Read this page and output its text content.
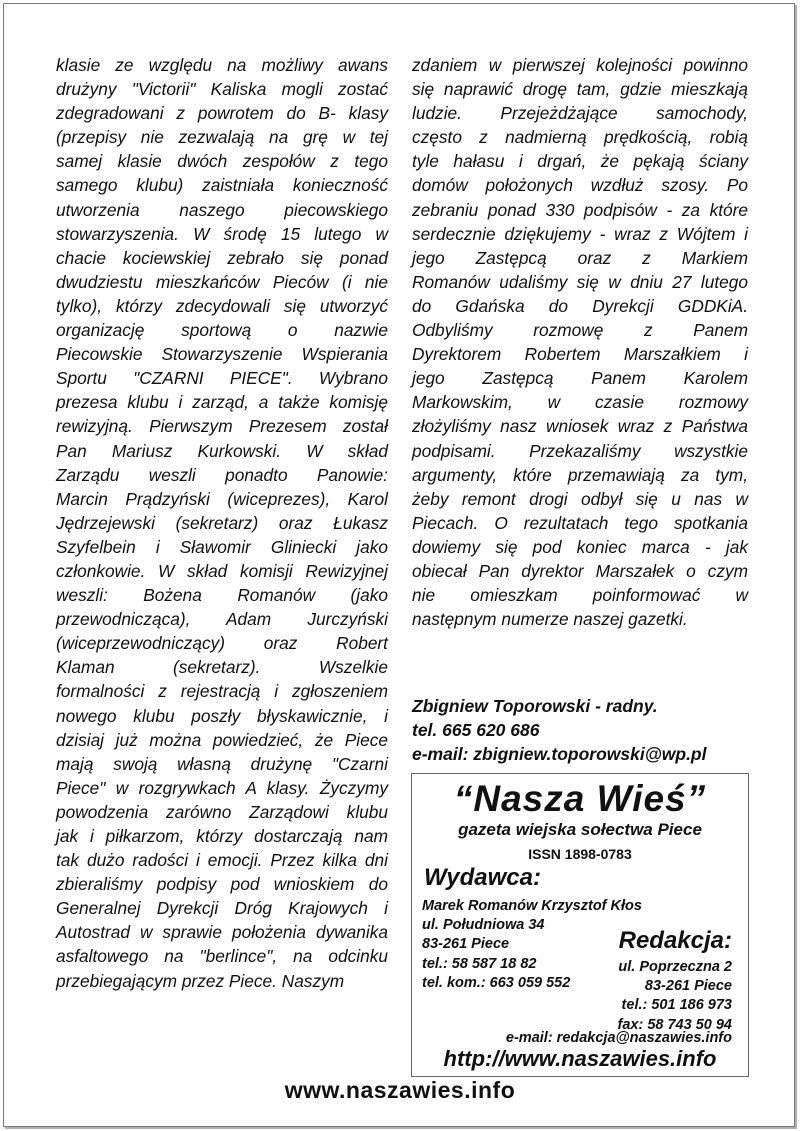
klasie ze względu na możliwy awans
drużyny "Victorii" Kaliska mogli zostać
zdegradowani z powrotem do B- klasy
(przepisy nie zezwalają na grę w tej
samej klasie dwóch zespołów z tego
samego klubu) zaistniała konieczność
utworzenia naszego piecowskiego
stowarzyszenia. W środę 15 lutego w
chacie kociewskiej zebrało się ponad
dwudziestu mieszkańców Pieców (i nie
tylko), którzy zdecydowali się utworzyć
organizację sportową o nazwie
Piecowskie Stowarzyszenie Wspierania
Sportu "CZARNI PIECE". Wybrano
prezesa klubu i zarząd, a także komisję
rewizyjną. Pierwszym Prezesem został
Pan Mariusz Kurkowski. W skład
Zarządu weszli ponadto Panowie:
Marcin Prądzyński (wiceprezes), Karol
Jędrzejewski (sekretarz) oraz Łukasz
Szyfelbein i Sławomir Gliniecki jako
członkowie. W skład komisji Rewizyjnej
weszli: Bożena Romanów (jako
przewodnicząca), Adam Jurczyński
(wiceprzewodniczący) oraz Robert
Klaman (sekretarz). Wszelkie
formalności z rejestracją i zgłoszeniem
nowego klubu poszły błyskawicznie, i
dzisiaj już można powiedzieć, że Piece
mają swoją własną drużynę "Czarni
Piece" w rozgrywkach A klasy. Życzymy
powodzenia zarówno Zarządowi klubu
jak i piłkarzom, którzy dostarczają nam
tak dużo radości i emocji. Przez kilka dni
zbieraliśmy podpisy pod wnioskiem do
Generalnej Dyrekcji Dróg Krajowych i
Autostrad w sprawie położenia dywanika
asfaltowego na "berlince", na odcinku
przebiegającym przez Piece. Naszym
zdaniem w pierwszej kolejności powinno
się naprawić drogę tam, gdzie mieszkają
ludzie. Przejeżdżające samochody,
często z nadmierną prędkością, robią
tyle hałasu i drgań, że pękają ściany
domów położonych wzdłuż szosy. Po
zebraniu ponad 330 podpisów - za które
serdecznie dziękujemy - wraz z Wójtem i
jego Zastępcą oraz z Markiem
Romanów udaliśmy się w dniu 27 lutego
do Gdańska do Dyrekcji GDDKiA.
Odbyliśmy rozmowę z Panem
Dyrektorem Robertem Marszałkiem i
jego Zastępcą Panem Karolem
Markowskim, w czasie rozmowy
złożyliśmy nasz wniosek wraz z Państwa
podpisami. Przekazaliśmy wszystkie
argumenty, które przemawiają za tym,
żeby remont drogi odbył się u nas w
Piecach. O rezultatach tego spotkania
dowiemy się pod koniec marca - jak
obiecał Pan dyrektor Marszałek o czym
nie omieszkam poinformować w
następnym numerze naszej gazetki.
Zbigniew Toporowski - radny.
tel. 665 620 686
e-mail: zbigniew.toporowski@wp.pl
“Nasza Wieś”
gazeta wiejska sołectwa Piece
ISSN 1898-0783
Wydawca:
Marek Romanów Krzysztof Kłos
ul. Południowa 34
83-261 Piece
tel.: 58 587 18 82
tel. kom.: 663 059 552
Redakcja:
ul. Poprzeczna 2
83-261 Piece
tel.: 501 186 973
fax: 58 743 50 94
e-mail: redakcja@naszawies.info
http://www.naszawies.info
www.naszawies.info
